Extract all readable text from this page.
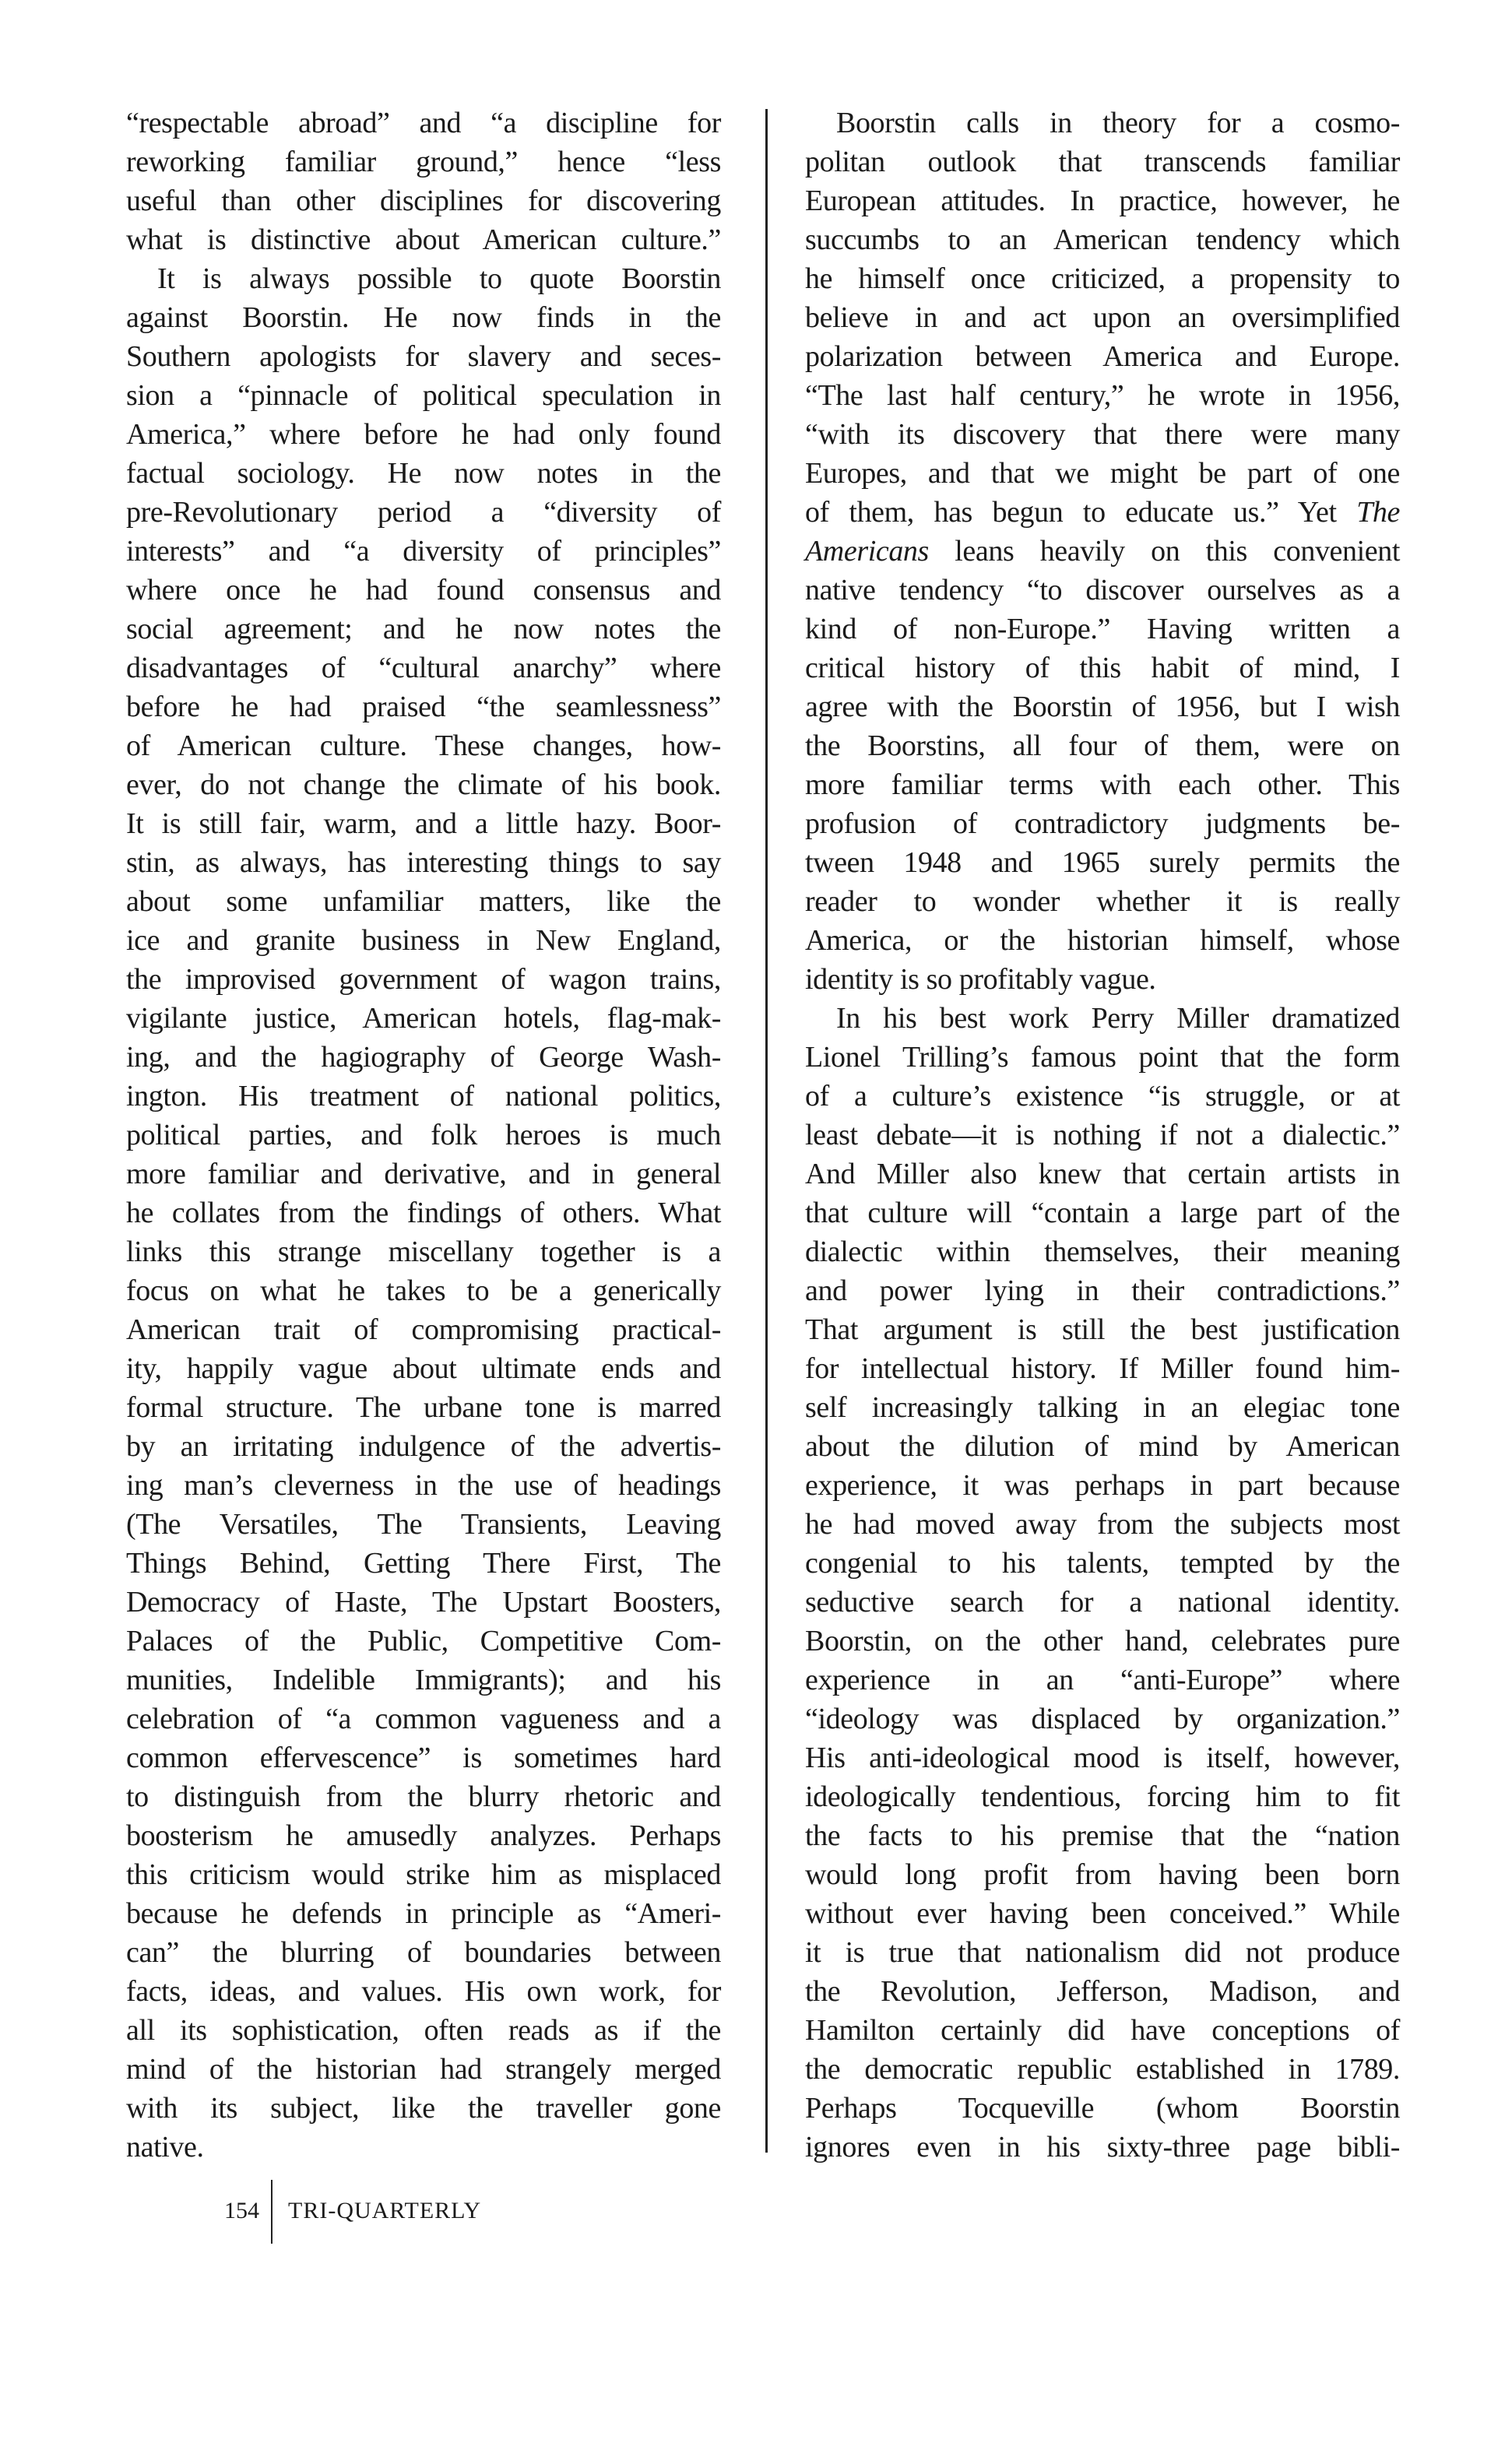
“respectable abroad” and “a discipline for
reworking familiar ground,” hence “less
useful than other disciplines for discovering
what is distinctive about American culture.”
It is always possible to quote Boorstin
against Boorstin. He now finds in the
Southern apologists for slavery and seces-
sion a “pinnacle of political speculation in
America,” where before he had only found
factual sociology. He now notes in the
pre-Revolutionary period a “diversity of
interests” and “a diversity of principles”
where once he had found consensus and
social agreement; and he now notes the
disadvantages of “cultural anarchy” where
before he had praised “the seamlessness”
of American culture. These changes, how-
ever, do not change the climate of his book.
It is still fair, warm, and a little hazy. Boor-
stin, as always, has interesting things to say
about some unfamiliar matters, like the
ice and granite business in New England,
the improvised government of wagon trains,
vigilante justice, American hotels, flag-mak-
ing, and the hagiography of George Wash-
ington. His treatment of national politics,
political parties, and folk heroes is much
more familiar and derivative, and in general
he collates from the findings of others. What
links this strange miscellany together is a
focus on what he takes to be a generically
American trait of compromising practical-
ity, happily vague about ultimate ends and
formal structure. The urbane tone is marred
by an irritating indulgence of the advertis-
ing man’s cleverness in the use of headings
(The Versatiles, The Transients, Leaving
Things Behind, Getting There First, The
Democracy of Haste, The Upstart Boosters,
Palaces of the Public, Competitive Com-
munities, Indelible Immigrants); and his
celebration of “a common vagueness and a
common effervescence” is sometimes hard
to distinguish from the blurry rhetoric and
boosterism he amusedly analyzes. Perhaps
this criticism would strike him as misplaced
because he defends in principle as “Ameri-
can” the blurring of boundaries between
facts, ideas, and values. His own work, for
all its sophistication, often reads as if the
mind of the historian had strangely merged
with its subject, like the traveller gone
native.
Boorstin calls in theory for a cosmo-
politan outlook that transcends familiar
European attitudes. In practice, however, he
succumbs to an American tendency which
he himself once criticized, a propensity to
believe in and act upon an oversimplified
polarization between America and Europe.
“The last half century,” he wrote in 1956,
“with its discovery that there were many
Europes, and that we might be part of one
of them, has begun to educate us.” Yet The
Americans leans heavily on this convenient
native tendency “to discover ourselves as a
kind of non-Europe.” Having written a
critical history of this habit of mind, I
agree with the Boorstin of 1956, but I wish
the Boorstins, all four of them, were on
more familiar terms with each other. This
profusion of contradictory judgments be-
tween 1948 and 1965 surely permits the
reader to wonder whether it is really
America, or the historian himself, whose
identity is so profitably vague.
In his best work Perry Miller dramatized
Lionel Trilling’s famous point that the form
of a culture’s existence “is struggle, or at
least debate—it is nothing if not a dialectic.”
And Miller also knew that certain artists in
that culture will “contain a large part of the
dialectic within themselves, their meaning
and power lying in their contradictions.”
That argument is still the best justification
for intellectual history. If Miller found him-
self increasingly talking in an elegiac tone
about the dilution of mind by American
experience, it was perhaps in part because
he had moved away from the subjects most
congenial to his talents, tempted by the
seductive search for a national identity.
Boorstin, on the other hand, celebrates pure
experience in an “anti-Europe” where
“ideology was displaced by organization.”
His anti-ideological mood is itself, however,
ideologically tendentious, forcing him to fit
the facts to his premise that the “nation
would long profit from having been born
without ever having been conceived.” While
it is true that nationalism did not produce
the Revolution, Jefferson, Madison, and
Hamilton certainly did have conceptions of
the democratic republic established in 1789.
Perhaps Tocqueville (whom Boorstin
ignores even in his sixty-three page bibli-
154 TRI-QUARTERLY
